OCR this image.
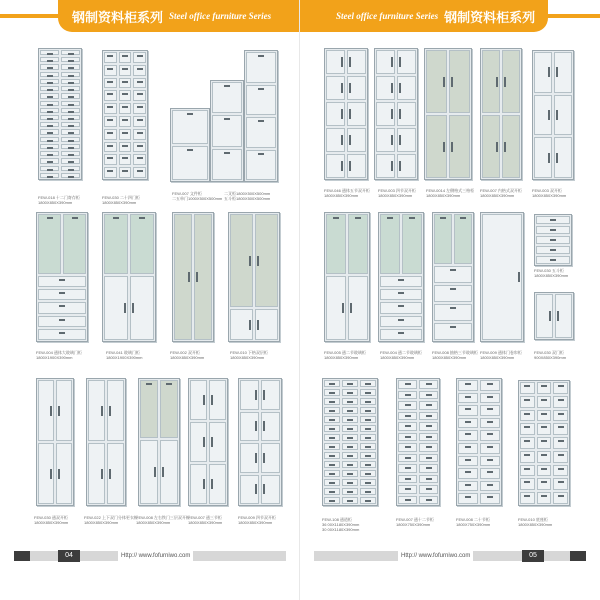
钢制资料柜系列 Steel office furniture Series
FEW-018 十二门寄存柜
1800X850X390mm
FEW-030 二十四门柜
1800X850X390mm
FEW-007 文件柜
二五单门1000X500X500mm
二叉柜1800X500X500mm
五斗柜1800X500X500mm
FEW-004 通体大玻璃门柜
1800X1900X390mm
FEW-041 玻璃门柜
1800X1900X390mm
FEW-002 双开柜
1800X850X390mm
FEW-010 下格双层柜
1800X850X390mm
FEW-030 通双开柜
1800X850X390mm
FEW-022 上下双门分体更衣柜
1800X850X390mm
FEW-008 左右铁门三层双开柜
1800X850X390mm
FEW-007 通三节柜
1800X850X390mm
FEW-009 四节双开柜
1800X850X390mm
04	Http:// www.fofurniwo.com
Steel office furniture Series 钢制资料柜系列
FEW-046 通体五节双开柜
1800X850X390mm
FEW-003 四节双开柜
1800X850X390mm
FEW-0014 左侧格式三格柜
1800X850X390mm
FEW-007 内格式双开柜
1800X850X390mm
FEW-003 双开柜
1800X850X390mm
FEW-005 通二节玻璃柜
1800X850X390mm
FEW-004 通二节玻璃柜
1800X850X390mm
FEW-008 抽格三节玻璃柜
1800X850X390mm
FEW-009 通体门卷帘柜
1800X850X390mm
FEW-030 五斗柜
1800X850X390mm
FEW-030 双门柜
900X850X390mm
FEW-108 通道柜
36 00X1180X390mm
30 00X1180X390mm
FEW-007 通十二节柜
1800X750X390mm
FEW-008 二十节柜
1800X750X390mm
FEW-010 底座柜
1800X850X390mm
Http:// www.fofurniwo.com	05
